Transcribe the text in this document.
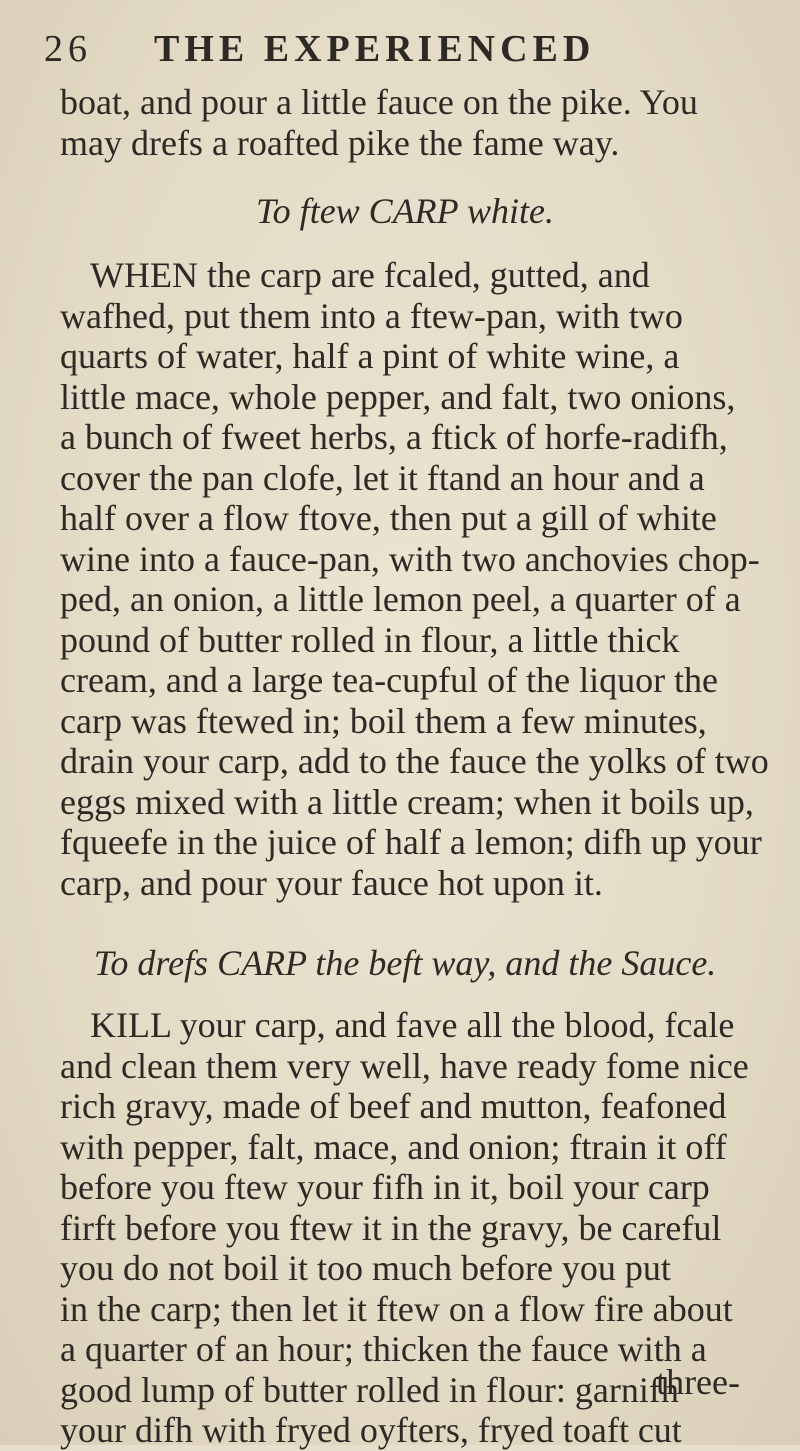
26 THE EXPERIENCED

boat, and pour a little fauce on the pike. You

may drefs a roafted pike the fame way.

To ftew CARP white.

WHEN the carp are fcaled, gutted, and

wafhed, put them into a ftew-pan, with two

quarts of water, half a pint of white wine, a

little mace, whole pepper, and falt, two onions,

a bunch of fweet herbs, a ftick of horfe-radifh,

cover the pan clofe, let it ftand an hour and a

half over a flow ftove, then put a gill of white

wine into a fauce-pan, with two anchovies chop-

ped, an onion, a little lemon peel, a quarter of a

pound of butter rolled in flour, a little thick

cream, and a large tea-cupful of the liquor the

carp was ftewed in; boil them a few minutes,

drain your carp, add to the fauce the yolks of two

eggs mixed with a little cream; when it boils up,

fqueefe in the juice of half a lemon; difh up your

carp, and pour your fauce hot upon it.

To drefs CARP the beft way, and the Sauce.

KILL your carp, and fave all the blood, fcale

and clean them very well, have ready fome nice

rich gravy, made of beef and mutton, feafoned

with pepper, falt, mace, and onion; ftrain it off

before you ftew your fifh in it, boil your carp

firft before you ftew it in the gravy, be careful

you do not boil it too much before you put

in the carp; then let it ftew on a flow fire about

a quarter of an hour; thicken the fauce with a

good lump of butter rolled in flour: garnifh

your difh with fryed oyfters, fryed toaft cut

three-
